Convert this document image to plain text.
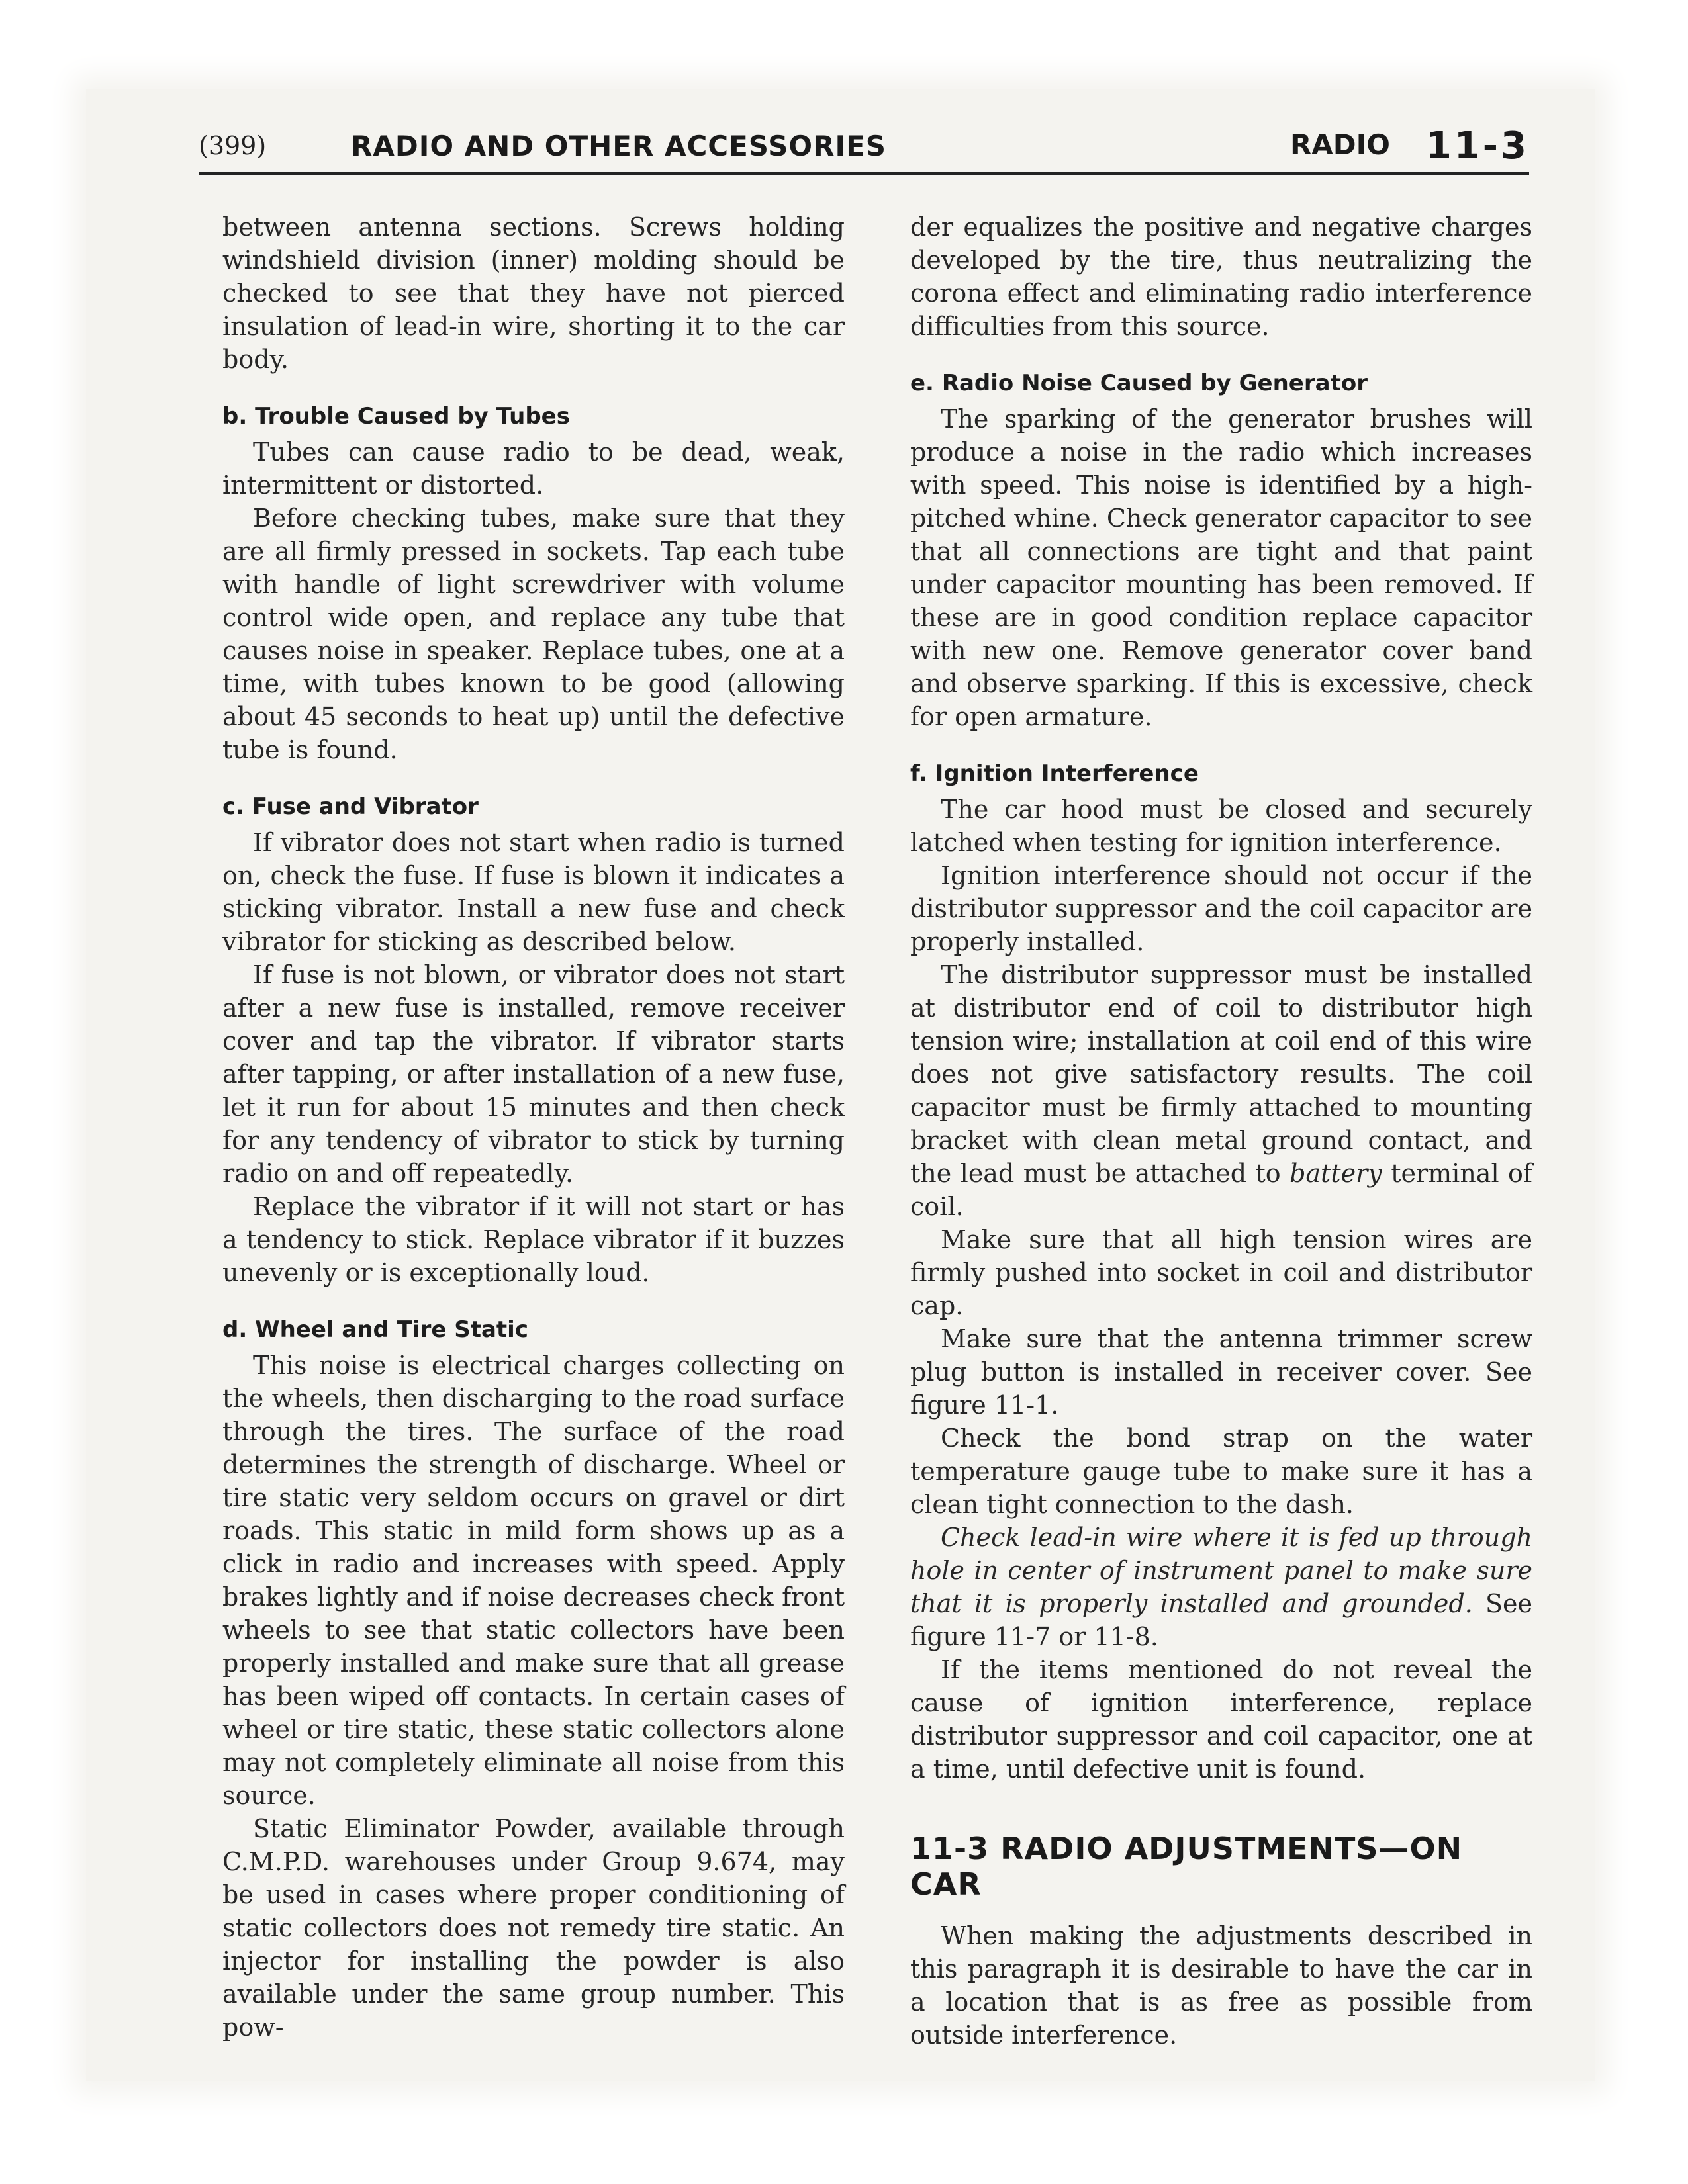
(399)	RADIO AND OTHER ACCESSORIES	RADIO 11-3

between antenna sections. Screws holding windshield division (inner) molding should be checked to see that they have not pierced insulation of lead-in wire, shorting it to the car body.

b. Trouble Caused by Tubes

Tubes can cause radio to be dead, weak, intermittent or distorted.

Before checking tubes, make sure that they are all firmly pressed in sockets. Tap each tube with handle of light screwdriver with volume control wide open, and replace any tube that causes noise in speaker. Replace tubes, one at a time, with tubes known to be good (allowing about 45 seconds to heat up) until the defective tube is found.

c. Fuse and Vibrator

If vibrator does not start when radio is turned on, check the fuse. If fuse is blown it indicates a sticking vibrator. Install a new fuse and check vibrator for sticking as described below.

If fuse is not blown, or vibrator does not start after a new fuse is installed, remove receiver cover and tap the vibrator. If vibrator starts after tapping, or after installation of a new fuse, let it run for about 15 minutes and then check for any tendency of vibrator to stick by turning radio on and off repeatedly.

Replace the vibrator if it will not start or has a tendency to stick. Replace vibrator if it buzzes unevenly or is exceptionally loud.

d. Wheel and Tire Static

This noise is electrical charges collecting on the wheels, then discharging to the road surface through the tires. The surface of the road determines the strength of discharge. Wheel or tire static very seldom occurs on gravel or dirt roads. This static in mild form shows up as a click in radio and increases with speed. Apply brakes lightly and if noise decreases check front wheels to see that static collectors have been properly installed and make sure that all grease has been wiped off contacts. In certain cases of wheel or tire static, these static collectors alone may not completely eliminate all noise from this source.

Static Eliminator Powder, available through C.M.P.D. warehouses under Group 9.674, may be used in cases where proper conditioning of static collectors does not remedy tire static. An injector for installing the powder is also available under the same group number. This pow-

der equalizes the positive and negative charges developed by the tire, thus neutralizing the corona effect and eliminating radio interference difficulties from this source.

e. Radio Noise Caused by Generator

The sparking of the generator brushes will produce a noise in the radio which increases with speed. This noise is identified by a high-pitched whine. Check generator capacitor to see that all connections are tight and that paint under capacitor mounting has been removed. If these are in good condition replace capacitor with new one. Remove generator cover band and observe sparking. If this is excessive, check for open armature.

f. Ignition Interference

The car hood must be closed and securely latched when testing for ignition interference.

Ignition interference should not occur if the distributor suppressor and the coil capacitor are properly installed.

The distributor suppressor must be installed at distributor end of coil to distributor high tension wire; installation at coil end of this wire does not give satisfactory results. The coil capacitor must be firmly attached to mounting bracket with clean metal ground contact, and the lead must be attached to battery terminal of coil.

Make sure that all high tension wires are firmly pushed into socket in coil and distributor cap.

Make sure that the antenna trimmer screw plug button is installed in receiver cover. See figure 11-1.

Check the bond strap on the water temperature gauge tube to make sure it has a clean tight connection to the dash.

Check lead-in wire where it is fed up through hole in center of instrument panel to make sure that it is properly installed and grounded. See figure 11-7 or 11-8.

If the items mentioned do not reveal the cause of ignition interference, replace distributor suppressor and coil capacitor, one at a time, until defective unit is found.

11-3 RADIO ADJUSTMENTS—ON CAR

When making the adjustments described in this paragraph it is desirable to have the car in a location that is as free as possible from outside interference.
